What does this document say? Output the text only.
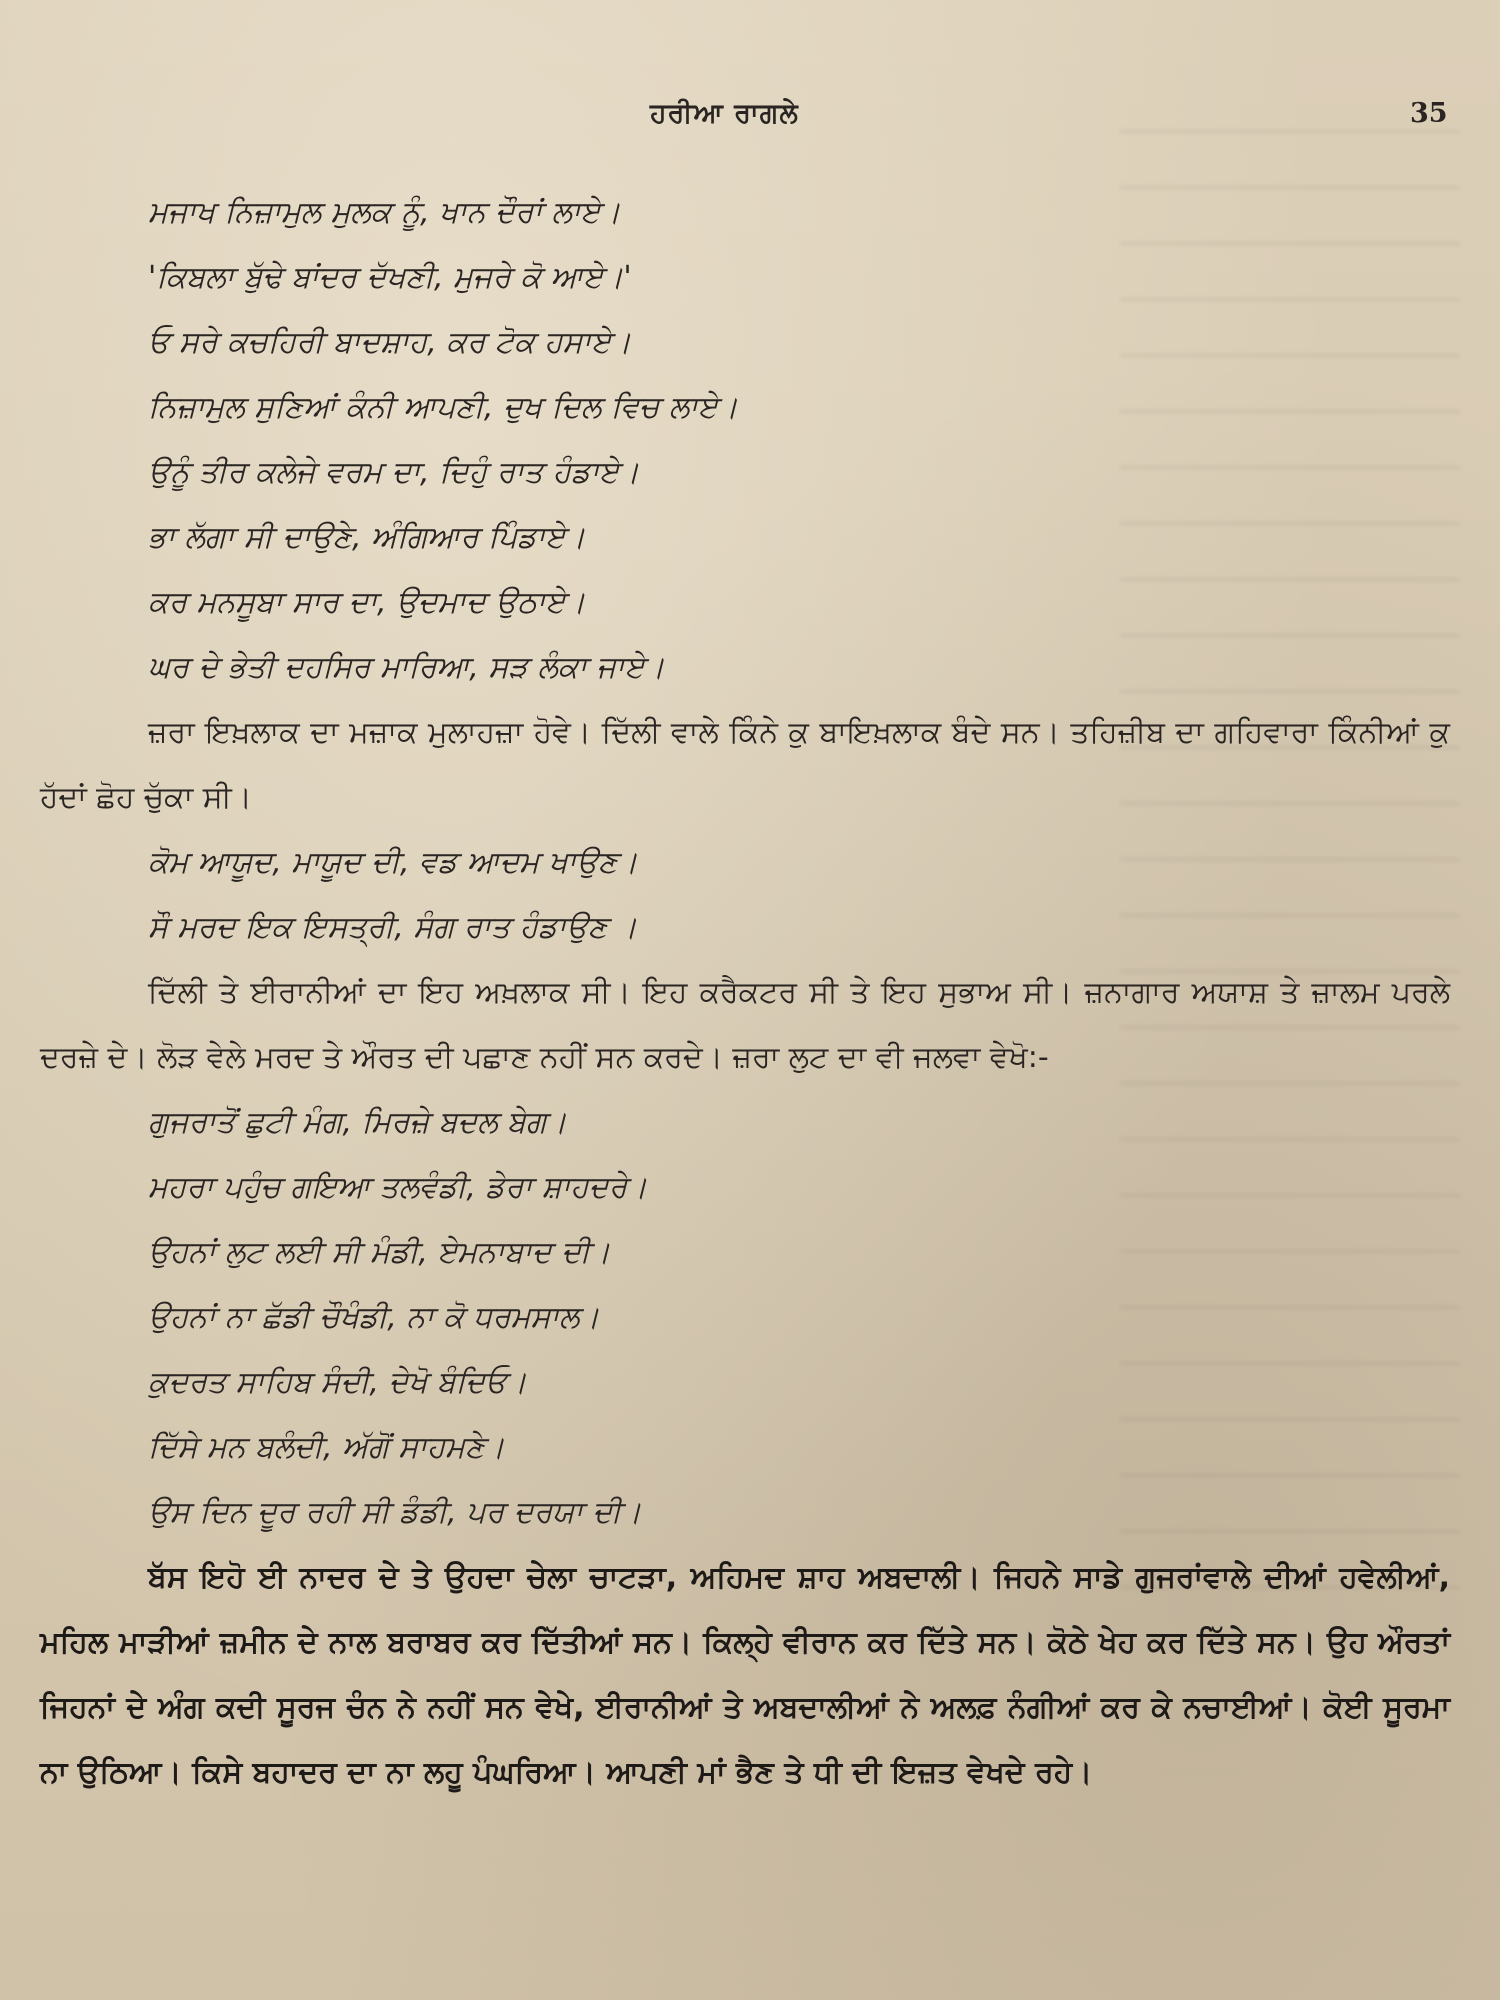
ਹਰੀਆ ਰਾਗਲੇ	35
ਮਜਾਖ ਨਿਜ਼ਾਮੁਲ ਮੁਲਕ ਨੂੰ, ਖਾਨ ਦੌਰਾਂ ਲਾਏ।
'ਕਿਬਲਾ ਬੁੱਢੇ ਬਾਂਦਰ ਦੱਖਣੀ, ਮੁਜਰੇ ਕੋ ਆਏ।'
ਓ ਸਰੇ ਕਚਹਿਰੀ ਬਾਦਸ਼ਾਹ, ਕਰ ਟੋਕ ਹਸਾਏ।
ਨਿਜ਼ਾਮੁਲ ਸੁਣਿਆਂ ਕੰਨੀ ਆਪਣੀ, ਦੁਖ ਦਿਲ ਵਿਚ ਲਾਏ।
ਉਨੂੰ ਤੀਰ ਕਲੇਜੇ ਵਰਮ ਦਾ, ਦਿਹੁੰ ਰਾਤ ਹੰਡਾਏ।
ਭਾ ਲੱਗਾ ਸੀ ਦਾਉਣੇ, ਅੰਗਿਆਰ ਪਿੰਡਾਏ।
ਕਰ ਮਨਸੂਬਾ ਸਾਰ ਦਾ, ਉਦਮਾਦ ਉਠਾਏ।
ਘਰ ਦੇ ਭੇਤੀ ਦਹਸਿਰ ਮਾਰਿਆ, ਸੜ ਲੰਕਾ ਜਾਏ।

ਜ਼ਰਾ ਇਖ਼ਲਾਕ ਦਾ ਮਜ਼ਾਕ ਮੁਲਾਹਜ਼ਾ ਹੋਵੇ। ਦਿੱਲੀ ਵਾਲੇ ਕਿੰਨੇ ਕੁ ਬਾਇਖ਼ਲਾਕ ਬੰਦੇ ਸਨ। ਤਹਿਜ਼ੀਬ ਦਾ ਗਹਿਵਾਰਾ ਕਿੰਨੀਆਂ ਕੁ ਹੱਦਾਂ ਛੋਹ ਚੁੱਕਾ ਸੀ।

ਕੋਮ ਆਯੂਦ, ਮਾਯੂਦ ਦੀ, ਵਡ ਆਦਮ ਖਾਉਣ।
ਸੌ ਮਰਦ ਇਕ ਇਸਤ੍ਰੀ, ਸੰਗ ਰਾਤ ਹੰਡਾਉਣ ।

ਦਿੱਲੀ ਤੇ ਈਰਾਨੀਆਂ ਦਾ ਇਹ ਅਖ਼ਲਾਕ ਸੀ। ਇਹ ਕਰੈਕਟਰ ਸੀ ਤੇ ਇਹ ਸੁਭਾਅ ਸੀ। ਜ਼ਨਾਗਾਰ ਅਯਾਸ਼ ਤੇ ਜ਼ਾਲਮ ਪਰਲੇ ਦਰਜ਼ੇ ਦੇ। ਲੋੜ ਵੇਲੇ ਮਰਦ ਤੇ ਔਰਤ ਦੀ ਪਛਾਣ ਨਹੀਂ ਸਨ ਕਰਦੇ। ਜ਼ਰਾ ਲੁਟ ਦਾ ਵੀ ਜਲਵਾ ਵੇਖੋ:-

ਗੁਜਰਾਤੋਂ ਛੁਟੀ ਮੰਗ, ਮਿਰਜ਼ੇ ਬਦਲ ਬੇਗ।
ਮਹਰਾ ਪਹੁੰਚ ਗਇਆ ਤਲਵੰਡੀ, ਡੇਰਾ ਸ਼ਾਹਦਰੇ।
ਉਹਨਾਂ ਲੁਟ ਲਈ ਸੀ ਮੰਡੀ, ਏਮਨਾਬਾਦ ਦੀ।
ਉਹਨਾਂ ਨਾ ਛੱਡੀ ਚੌਖੰਡੀ, ਨਾ ਕੋ ਧਰਮਸਾਲ।
ਕੁਦਰਤ ਸਾਹਿਬ ਸੰਦੀ, ਦੇਖੋ ਬੰਦਿਓ।
ਦਿੱਸੇ ਮਨ ਬਲੰਦੀ, ਅੱਗੋਂ ਸਾਹਮਣੇ।
ਉਸ ਦਿਨ ਦੂਰ ਰਹੀ ਸੀ ਡੰਡੀ, ਪਰ ਦਰਯਾ ਦੀ।

ਬੱਸ ਇਹੋ ਈ ਨਾਦਰ ਦੇ ਤੇ ਉਹਦਾ ਚੇਲਾ ਚਾਟੜਾ, ਅਹਿਮਦ ਸ਼ਾਹ ਅਬਦਾਲੀ। ਜਿਹਨੇ ਸਾਡੇ ਗੁਜਰਾਂਵਾਲੇ ਦੀਆਂ ਹਵੇਲੀਆਂ, ਮਹਿਲ ਮਾੜੀਆਂ ਜ਼ਮੀਨ ਦੇ ਨਾਲ ਬਰਾਬਰ ਕਰ ਦਿੱਤੀਆਂ ਸਨ। ਕਿਲ੍ਹੇ ਵੀਰਾਨ ਕਰ ਦਿੱਤੇ ਸਨ। ਕੋਠੇ ਖੇਹ ਕਰ ਦਿੱਤੇ ਸਨ। ਉਹ ਔਰਤਾਂ ਜਿਹਨਾਂ ਦੇ ਅੰਗ ਕਦੀ ਸੂਰਜ ਚੰਨ ਨੇ ਨਹੀਂ ਸਨ ਵੇਖੇ, ਈਰਾਨੀਆਂ ਤੇ ਅਬਦਾਲੀਆਂ ਨੇ ਅਲਫ਼ ਨੰਗੀਆਂ ਕਰ ਕੇ ਨਚਾਈਆਂ। ਕੋਈ ਸੂਰਮਾ ਨਾ ਉਠਿਆ। ਕਿਸੇ ਬਹਾਦਰ ਦਾ ਨਾ ਲਹੂ ਪੰਘਰਿਆ। ਆਪਣੀ ਮਾਂ ਭੈਣ ਤੇ ਧੀ ਦੀ ਇਜ਼ਤ ਵੇਖਦੇ ਰਹੇ।
